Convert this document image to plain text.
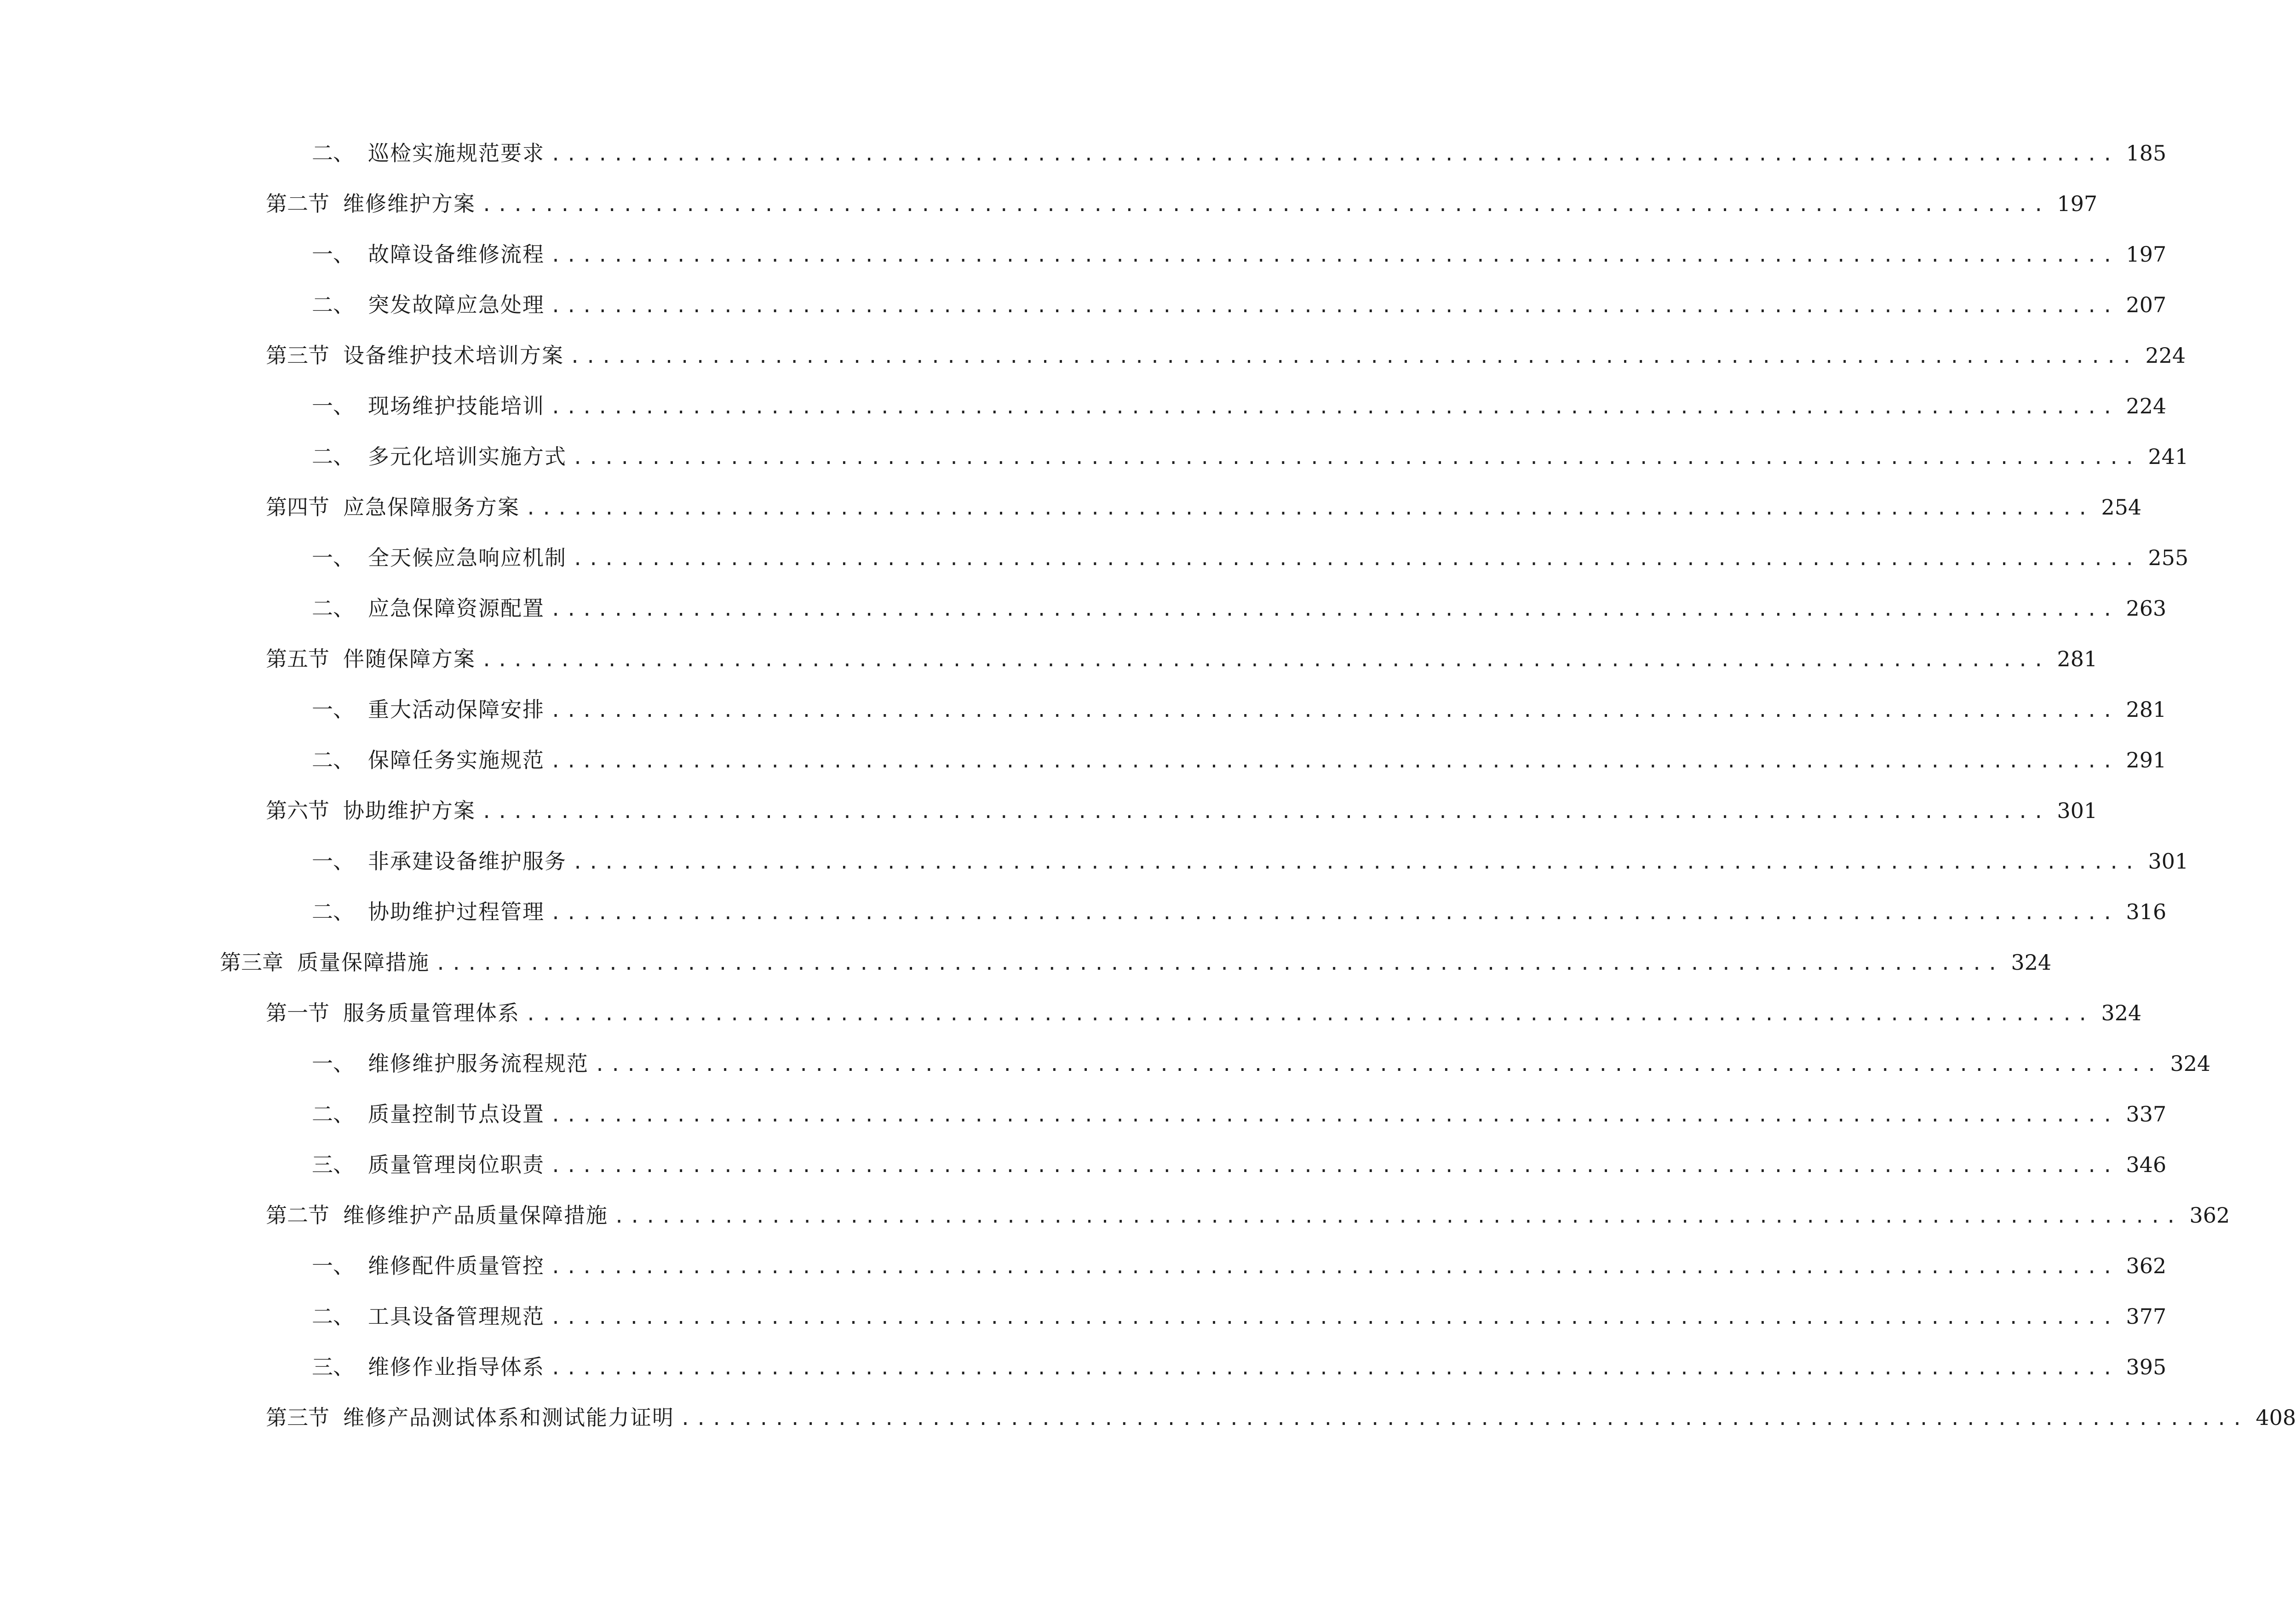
二、 巡检实施规范要求 .................................................................................................... 185
第二节 维修维护方案 .................................................................................................... 197
一、 故障设备维修流程 .................................................................................................... 197
二、 突发故障应急处理 .................................................................................................... 207
第三节 设备维护技术培训方案 .................................................................................................... 224
一、 现场维护技能培训 .................................................................................................... 224
二、 多元化培训实施方式 .................................................................................................... 241
第四节 应急保障服务方案 .................................................................................................... 254
一、 全天候应急响应机制 .................................................................................................... 255
二、 应急保障资源配置 .................................................................................................... 263
第五节 伴随保障方案 .................................................................................................... 281
一、 重大活动保障安排 .................................................................................................... 281
二、 保障任务实施规范 .................................................................................................... 291
第六节 协助维护方案 .................................................................................................... 301
一、 非承建设备维护服务 .................................................................................................... 301
二、 协助维护过程管理 .................................................................................................... 316
第三章 质量保障措施 .................................................................................................... 324
第一节 服务质量管理体系 .................................................................................................... 324
一、 维修维护服务流程规范 .................................................................................................... 324
二、 质量控制节点设置 .................................................................................................... 337
三、 质量管理岗位职责 .................................................................................................... 346
第二节 维修维护产品质量保障措施 .................................................................................................... 362
一、 维修配件质量管控 .................................................................................................... 362
二、 工具设备管理规范 .................................................................................................... 377
三、 维修作业指导体系 .................................................................................................... 395
第三节 维修产品测试体系和测试能力证明 .................................................................................................... 408
